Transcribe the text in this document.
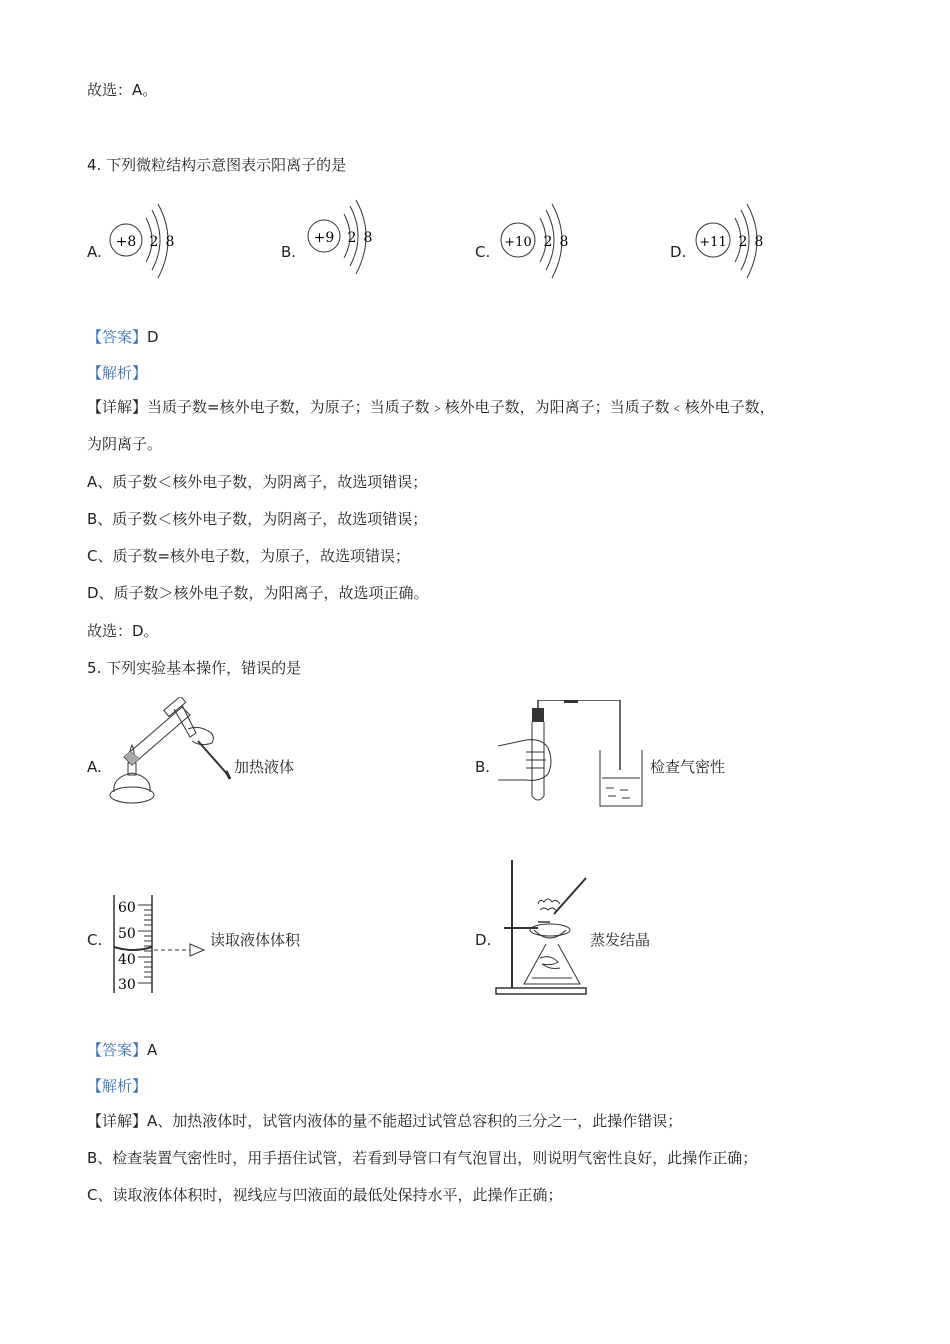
故选：A。
4. 下列微粒结构示意图表示阳离子的是
A.
+8 2 8
B.
+9 2 8
C.
+10 2 8
D.
+11 2 8
【答案】D
【解析】
【详解】当质子数=核外电子数，为原子；当质子数﹥核外电子数，为阳离子；当质子数﹤核外电子数，
为阴离子。
A、质子数＜核外电子数，为阴离子，故选项错误；
B、质子数＜核外电子数，为阴离子，故选项错误；
C、质子数=核外电子数，为原子，故选项错误；
D、质子数＞核外电子数，为阳离子，故选项正确。
故选：D。
5. 下列实验基本操作，错误的是
A.	加热液体	B.	检查气密性
C.
60
50
40
30
读取液体体积	D.	蒸发结晶
【答案】A
【解析】
【详解】A、加热液体时，试管内液体的量不能超过试管总容积的三分之一，此操作错误；
B、检查装置气密性时，用手捂住试管，若看到导管口有气泡冒出，则说明气密性良好，此操作正确；
C、读取液体体积时，视线应与凹液面的最低处保持水平，此操作正确；
